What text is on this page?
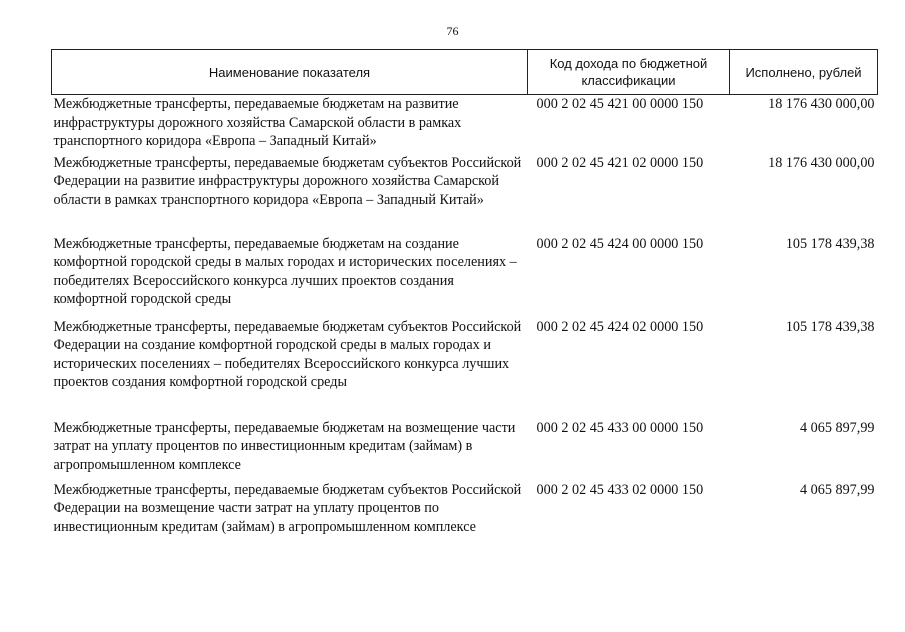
76
Наименование показателя	Код дохода по бюджетной классификации	Исполнено, рублей
Межбюджетные трансферты, передаваемые бюджетам на развитие инфраструктуры дорожного хозяйства Самарской области в рамках транспортного коридора «Европа – Западный Китай»	000 2 02 45 421 00 0000 150	18 176 430 000,00
Межбюджетные трансферты, передаваемые бюджетам субъектов Российской Федерации на развитие инфраструктуры дорожного хозяйства Самарской области в рамках транспортного коридора «Европа – Западный Китай»	000 2 02 45 421 02 0000 150	18 176 430 000,00
Межбюджетные трансферты, передаваемые бюджетам на создание комфортной городской среды в малых городах и исторических поселениях – победителях Всероссийского конкурса лучших проектов создания комфортной городской среды	000 2 02 45 424 00 0000 150	105 178 439,38
Межбюджетные трансферты, передаваемые бюджетам субъектов Российской Федерации на создание комфортной городской среды в малых городах и исторических поселениях – победителях Всероссийского конкурса лучших проектов создания комфортной городской среды	000 2 02 45 424 02 0000 150	105 178 439,38
Межбюджетные трансферты, передаваемые бюджетам на возмещение части затрат на уплату процентов по инвестиционным кредитам (займам) в агропромышленном комплексе	000 2 02 45 433 00 0000 150	4 065 897,99
Межбюджетные трансферты, передаваемые бюджетам субъектов Российской Федерации на возмещение части затрат на уплату процентов по инвестиционным кредитам (займам) в агропромышленном комплексе	000 2 02 45 433 02 0000 150	4 065 897,99
